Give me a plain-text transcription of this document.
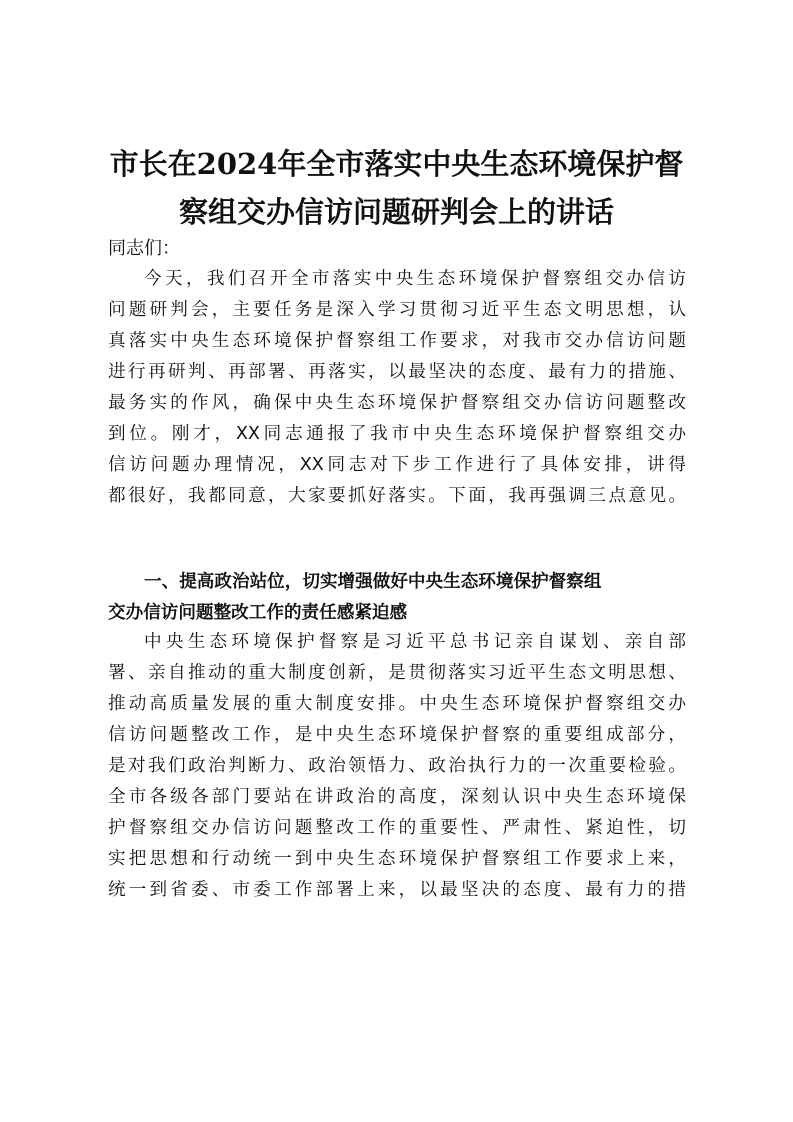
市长在2024年全市落实中央生态环境保护督
察组交办信访问题研判会上的讲话

同志们：

今天，我们召开全市落实中央生态环境保护督察组交办信访
问题研判会，主要任务是深入学习贯彻习近平生态文明思想，认
真落实中央生态环境保护督察组工作要求，对我市交办信访问题
进行再研判、再部署、再落实，以最坚决的态度、最有力的措施、
最务实的作风，确保中央生态环境保护督察组交办信访问题整改
到位。刚才，XX同志通报了我市中央生态环境保护督察组交办
信访问题办理情况，XX同志对下步工作进行了具体安排，讲得
都很好，我都同意，大家要抓好落实。下面，我再强调三点意见。
一、提高政治站位，切实增强做好中央生态环境保护督察组
交办信访问题整改工作的责任感紧迫感
中央生态环境保护督察是习近平总书记亲自谋划、亲自部
署、亲自推动的重大制度创新，是贯彻落实习近平生态文明思想、
推动高质量发展的重大制度安排。中央生态环境保护督察组交办
信访问题整改工作，是中央生态环境保护督察的重要组成部分，
是对我们政治判断力、政治领悟力、政治执行力的一次重要检验。
全市各级各部门要站在讲政治的高度，深刻认识中央生态环境保
护督察组交办信访问题整改工作的重要性、严肃性、紧迫性，切
实把思想和行动统一到中央生态环境保护督察组工作要求上来，
统一到省委、市委工作部署上来，以最坚决的态度、最有力的措
